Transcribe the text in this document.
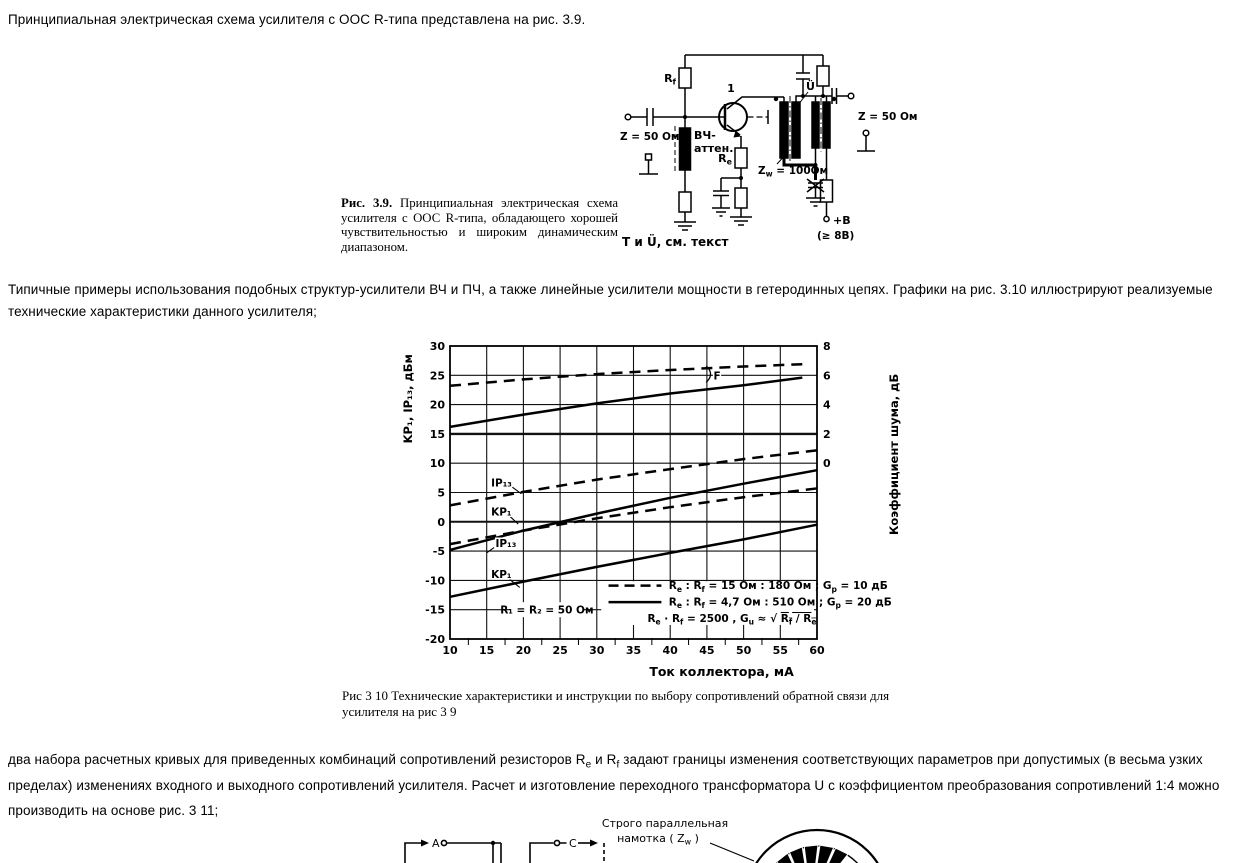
Принципиальная электрическая схема усилителя с ООС R-типа представлена на рис. 3.9.
Рис. 3.9. Принципиальная электрическая схема усилителя с ООС R-типа, обладающего хорошей чувствительностью и широким динамическим диапазоном.
$R_f$
Z = 50 Ом ВЧ-
аттен.
1
$R_e$
Ü
$Z_w = 100Ом$
Z = 50 Ом
+B
(≥ 8В)
Т и Ü, см. текст
Типичные примеры использования подобных структур-усилители ВЧ и ПЧ, а также линейные усилители мощности в гетеродинных цепях. Графики на рис. 3.10 иллюстрируют реализуемые технические характеристики данного усилителя;
10 15 20 25 30 35 40 45 50 55 60
30
25
20
15
10
5
0
-5
-10
-15
-20
8
6
4
2
0
KP₁, IP₁₃, дБм	Коэффициент шума, дБ
Ток коллектора, мА
R₁ = R₂ = 50 Ом
$R_e$ : $R_f = 15$ Ом : 180 Ом ; $G_p = 10$ дБ
$R_e$ : $R_f = 4,7$ Ом : 510 Ом ; $G_p = 20$ дБ
$R_e \cdot R_f = 2500$ , $G_u$ ≈ √ $R_f / R_e$
F
IP₁₃
KP₁
IP₁₃
KP₁
Рис 3 10 Технические характеристики и инструкции по выбору сопротивлений обратной связи для усилителя на рис 3 9
два набора расчетных кривых для приведенных комбинаций сопротивлений резисторов $R_e$ и $R_f$ задают границы изменения соответствующих параметров при допустимых (в весьма узких пределах) изменениях входного и выходного сопротивлений усилителя. Расчет и изготовление переходного трансформатора U с коэффициентом преобразования сопротивлений 1:4 можно производить на основе рис. 3 11;
Строго параллельная
намотка ( $Z_w$ )
A	C
